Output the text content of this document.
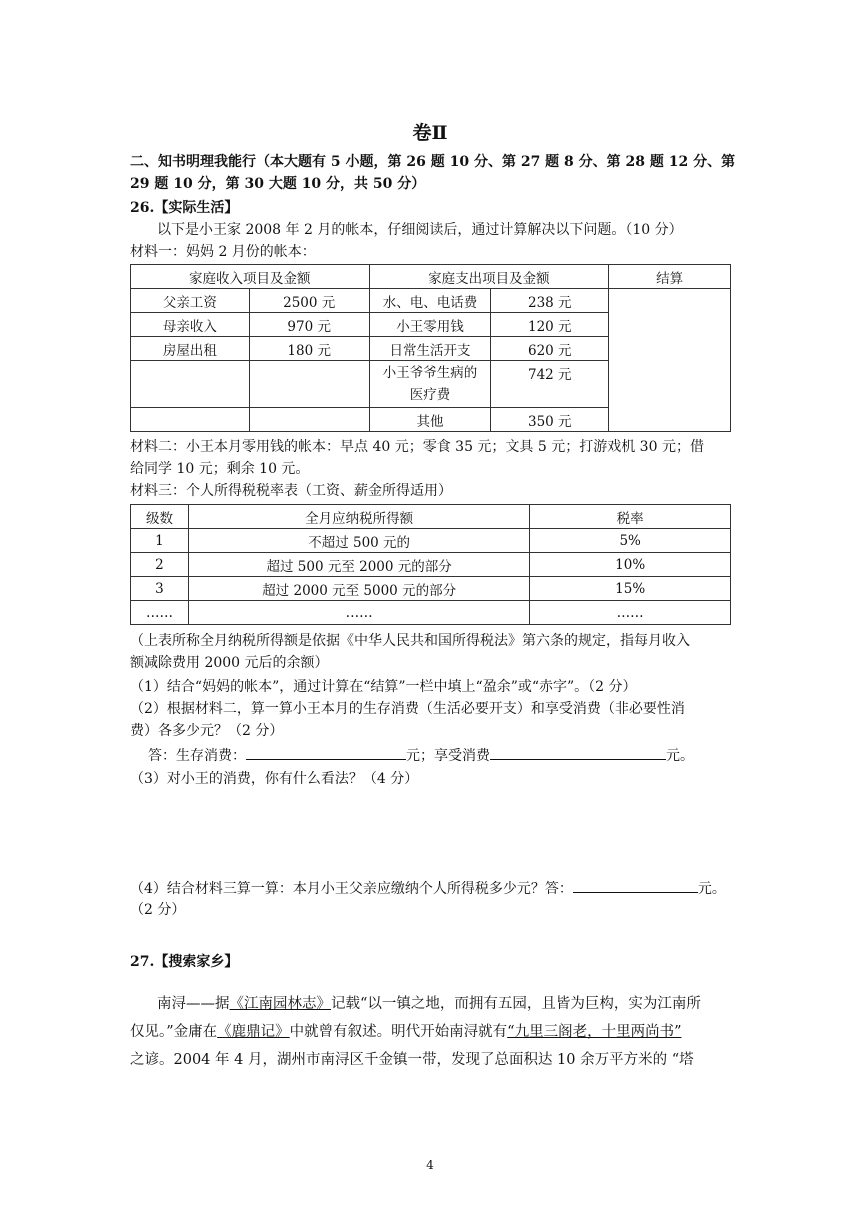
卷Ⅱ
二、知书明理我能行（本大题有 5 小题，第 26 题 10 分、第 27 题 8 分、第 28 题 12 分、第
29 题 10 分，第 30 大题 10 分，共 50 分）
26.【实际生活】
以下是小王家 2008 年 2 月的帐本，仔细阅读后，通过计算解决以下问题。（10 分）
材料一：妈妈 2 月份的帐本：
家庭收入项目及金额		家庭支出项目及金额		结算
父亲工资	2500 元	水、电、电话费	238 元	
母亲收入	970 元	小王零用钱	120 元	
房屋出租	180 元	日常生活开支	620 元	
		小王爷爷生病的
医疗费	742 元	
		其他	350 元	
材料二：小王本月零用钱的帐本：早点 40 元；零食 35 元；文具 5 元；打游戏机 30 元；借
给同学 10 元；剩余 10 元。
材料三：个人所得税税率表（工资、薪金所得适用）
级数	全月应纳税所得额	税率
1	不超过 500 元的	5%
2	超过 500 元至 2000 元的部分	10%
3	超过 2000 元至 5000 元的部分	15%
……	……	……
（上表所称全月纳税所得额是依据《中华人民共和国所得税法》第六条的规定，指每月收入
额减除费用 2000 元后的余额）
（1）结合“妈妈的帐本”，通过计算在“结算”一栏中填上“盈余”或“赤字”。（2 分）
（2）根据材料二，算一算小王本月的生存消费（生活必要开支）和享受消费（非必要性消
费）各多少元？（2 分）
答：生存消费：	元；享受消费	元。
（3）对小王的消费，你有什么看法？（4 分）
（4）结合材料三算一算：本月小王父亲应缴纳个人所得税多少元？答：	元。
（2 分）
27.【搜索家乡】
南浔——据《江南园林志》记载“以一镇之地，而拥有五园，且皆为巨构，实为江南所
仅见。”金庸在《鹿鼎记》中就曾有叙述。明代开始南浔就有“九里三阁老，十里两尚书”
之谚。2004 年 4 月，湖州市南浔区千金镇一带，发现了总面积达 10 余万平方米的 “塔
4
